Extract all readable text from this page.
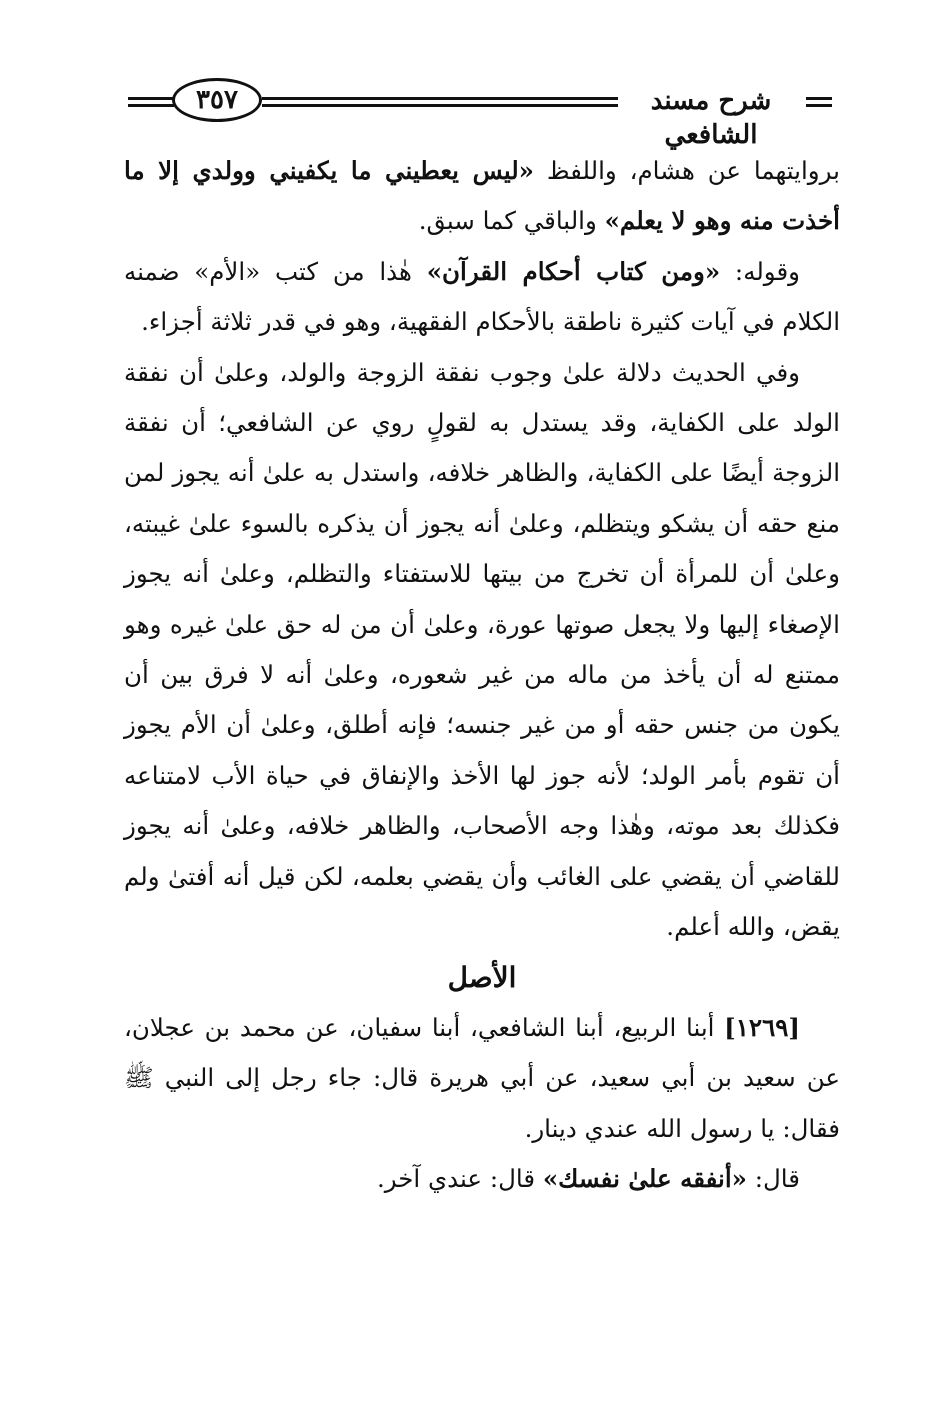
شرح مسند الشافعي
٣٥٧

بروايتهما عن هشام، واللفظ «ليس يعطيني ما يكفيني وولدي إلا ما أخذت منه وهو لا يعلم» والباقي كما سبق.

وقوله: «ومن كتاب أحكام القرآن» هٰذا من كتب «الأم» ضمنه الكلام في آيات كثيرة ناطقة بالأحكام الفقهية، وهو في قدر ثلاثة أجزاء.

وفي الحديث دلالة علىٰ وجوب نفقة الزوجة والولد، وعلىٰ أن نفقة الولد على الكفاية، وقد يستدل به لقولٍ روي عن الشافعي؛ أن نفقة الزوجة أيضًا على الكفاية، والظاهر خلافه، واستدل به علىٰ أنه يجوز لمن منع حقه أن يشكو ويتظلم، وعلىٰ أنه يجوز أن يذكره بالسوء علىٰ غيبته، وعلىٰ أن للمرأة أن تخرج من بيتها للاستفتاء والتظلم، وعلىٰ أنه يجوز الإصغاء إليها ولا يجعل صوتها عورة، وعلىٰ أن من له حق علىٰ غيره وهو ممتنع له أن يأخذ من ماله من غير شعوره، وعلىٰ أنه لا فرق بين أن يكون من جنس حقه أو من غير جنسه؛ فإنه أطلق، وعلىٰ أن الأم يجوز أن تقوم بأمر الولد؛ لأنه جوز لها الأخذ والإنفاق في حياة الأب لامتناعه فكذلك بعد موته، وهٰذا وجه الأصحاب، والظاهر خلافه، وعلىٰ أنه يجوز للقاضي أن يقضي على الغائب وأن يقضي بعلمه، لكن قيل أنه أفتىٰ ولم يقض، والله أعلم.

الأصل

[١٢٦٩] أبنا الربيع، أبنا الشافعي، أبنا سفيان، عن محمد بن عجلان، عن سعيد بن أبي سعيد، عن أبي هريرة قال: جاء رجل إلى النبي ﷺ فقال: يا رسول الله عندي دينار.

قال: «أنفقه علىٰ نفسك» قال: عندي آخر.
